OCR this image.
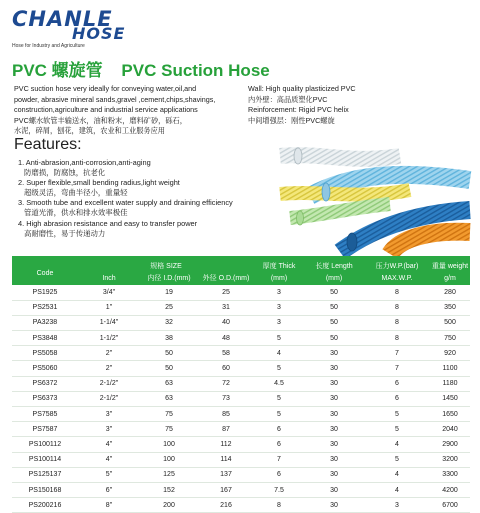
CHANLE
HOSE
Hose for Industry and Agriculture
PVC 螺旋管 PVC Suction Hose
PVC suction hose very ideally for conveying water,oil,and
powder, abrasive mineral sands,gravel ,cement,chips,shavings,
construction,agriculture and industrial service applications
PVC螺水软管丰输送水，油和粉末，磨料矿砂，砾石，
水泥，碎屑，刨花，建筑，农业和工业服务应用
Wall: High quality plasticized PVC
内外壁：高品质塑化PVC
Reinforcement: Rigid PVC helix
中间增强层：刚性PVC螺旋
Features:
1. Anti-abrasion,anti-corrosion,anti-aging
防磨损，防腐蚀，抗老化
2. Super flexible,small bending radius,light weight
超级灵活，弯曲半径小，重量轻
3. Smooth tube and excellent water supply and draining efficiency
管道光滑，供水和排水效率极佳
4. High abrasion resistance and easy to transfer power
高耐磨性，易于传递动力
Code	规格 SIZE			厚度 Thick	长度 Length	压力W.P.(bar)	重量 weight
	Inch	内径 I.D.(mm)	外径 O.D.(mm)	(mm)	(mm)	MAX.W.P.	g/m
PS1925	3/4"	19	25	3	50	8	280
PS2531	1"	25	31	3	50	8	350
PA3238	1-1/4"	32	40	3	50	8	500
PS3848	1-1/2"	38	48	5	50	8	750
PS5058	2"	50	58	4	30	7	920
PS5060	2"	50	60	5	30	7	1100
PS6372	2-1/2"	63	72	4.5	30	6	1180
PS6373	2-1/2"	63	73	5	30	6	1450
PS7585	3"	75	85	5	30	5	1650
PS7587	3"	75	87	6	30	5	2040
PS100112	4"	100	112	6	30	4	2900
PS100114	4"	100	114	7	30	5	3200
PS125137	5"	125	137	6	30	4	3300
PS150168	6"	152	167	7.5	30	4	4200
PS200216	8"	200	216	8	30	3	6700
